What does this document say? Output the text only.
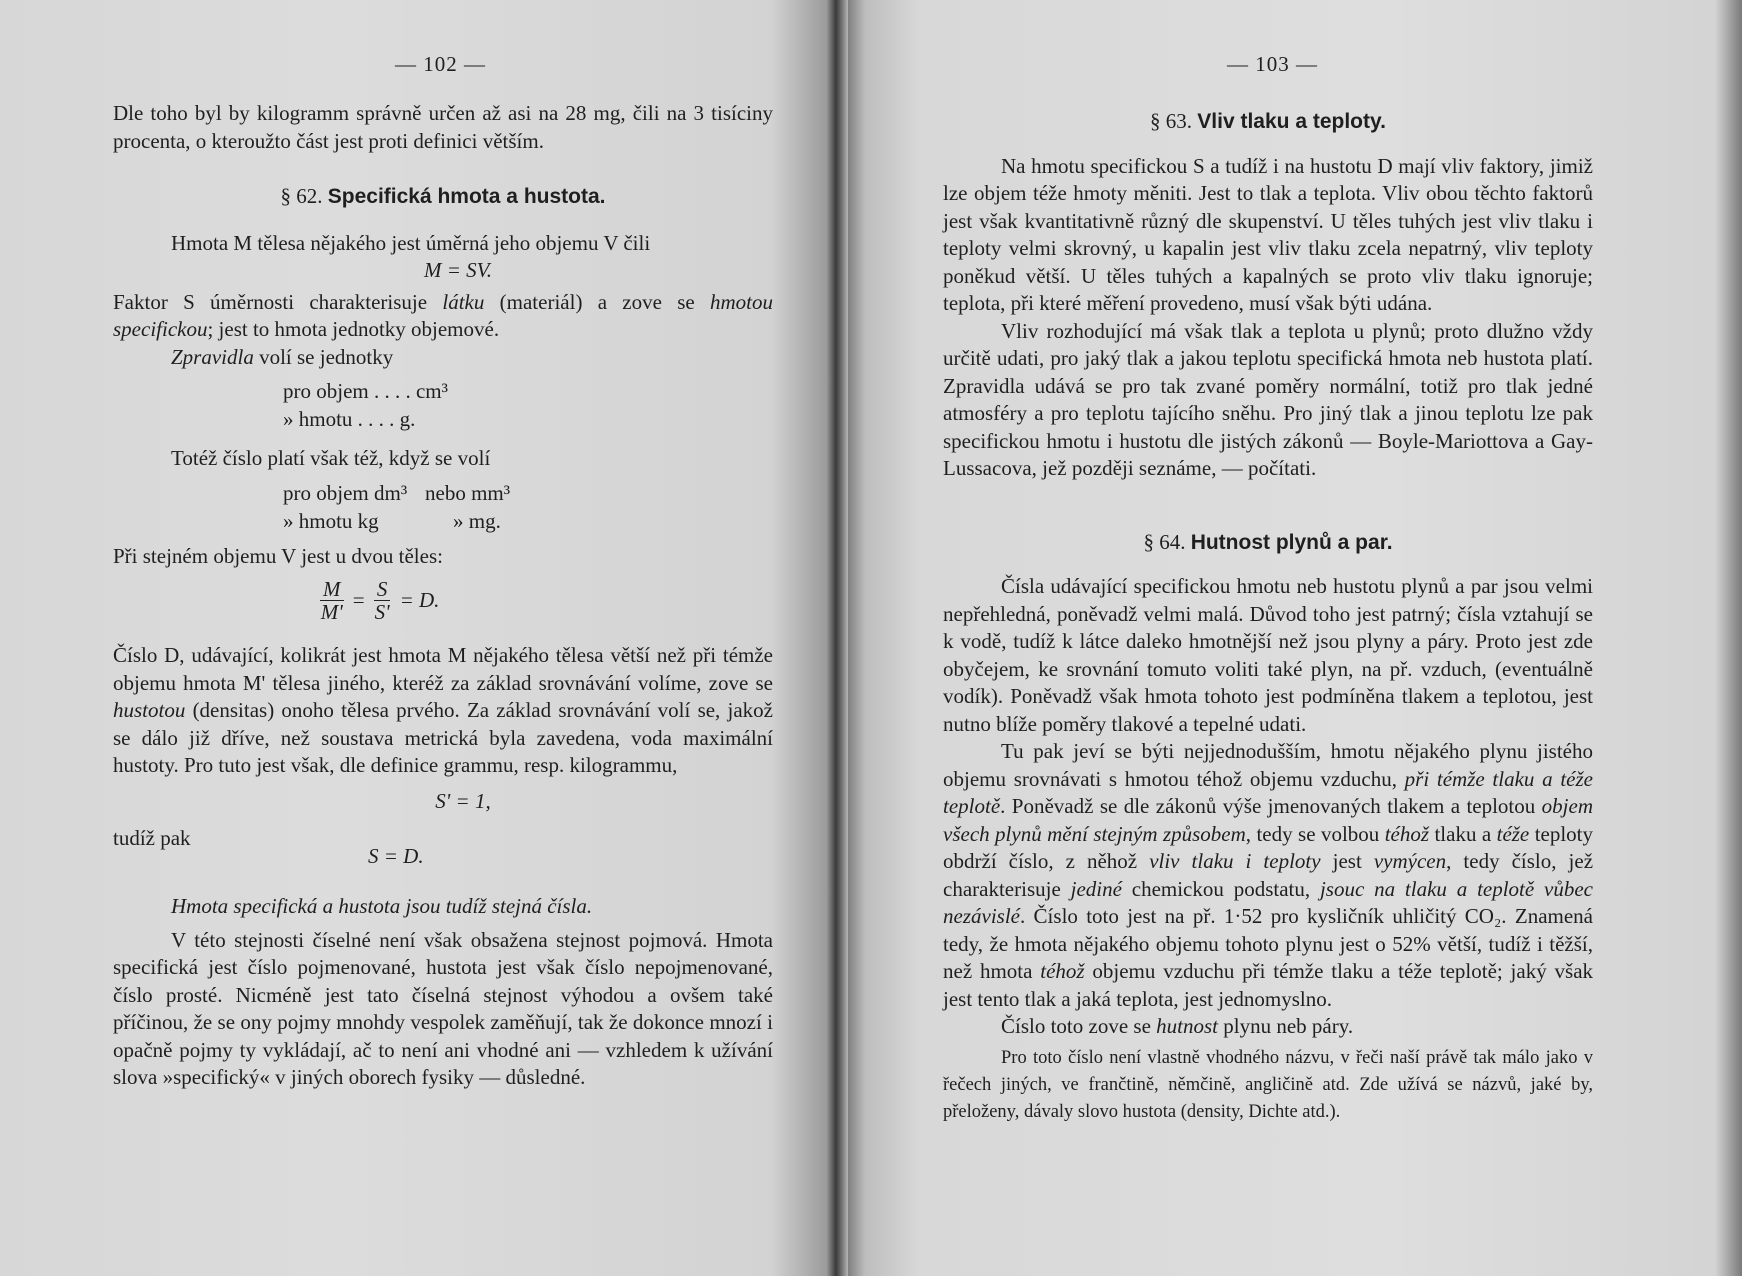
— 102 —

Dle toho byl by kilogramm správně určen až asi na 28 mg, čili na 3 tisíciny procenta, o kteroužto část jest proti definici větším.

§ 62. Specifická hmota a hustota.

Hmota M tělesa nějakého jest úměrná jeho objemu V čili

M = SV.

Faktor S úměrnosti charakterisuje látku (materiál) a zove se hmotou specifickou; jest to hmota jednotky objemové.

Zpravidla volí se jednotky

pro objem . . . . cm³
» hmotu . . . . g.

Totéž číslo platí však též, když se volí

pro objem dm³ nebo mm³
» hmotu kg	» mg.

Při stejném objemu V jest u dvou těles:

$\frac{M}{M'} = \frac{S}{S'} = D$.

Číslo D, udávající, kolikrát jest hmota M nějakého tělesa větší než při témže objemu hmota M' tělesa jiného, kteréž za základ srovnávání volíme, zove se hustotou (densitas) onoho tělesa prvého. Za základ srovnávání volí se, jakož se dálo již dříve, než soustava metrická byla zavedena, voda maximální hustoty. Pro tuto jest však, dle definice grammu, resp. kilogrammu,

S' = 1,

tudíž pak
S = D.

Hmota specifická a hustota jsou tudíž stejná čísla.

V této stejnosti číselné není však obsažena stejnost pojmová. Hmota specifická jest číslo pojmenované, hustota jest však číslo nepojmenované, číslo prosté. Nicméně jest tato číselná stejnost výhodou a ovšem také příčinou, že se ony pojmy mnohdy vespolek zaměňují, tak že dokonce mnozí i opačně pojmy ty vykládají, ač to není ani vhodné ani — vzhledem k užívání slova »specifický« v jiných oborech fysiky — důsledné.

— 103 —

§ 63. Vliv tlaku a teploty.

Na hmotu specifickou S a tudíž i na hustotu D mají vliv faktory, jimiž lze objem téže hmoty měniti. Jest to tlak a teplota. Vliv obou těchto faktorů jest však kvantitativně různý dle skupenství. U těles tuhých jest vliv tlaku i teploty velmi skrovný, u kapalin jest vliv tlaku zcela nepatrný, vliv teploty poněkud větší. U těles tuhých a kapalných se proto vliv tlaku ignoruje; teplota, při které měření provedeno, musí však býti udána.

Vliv rozhodující má však tlak a teplota u plynů; proto dlužno vždy určitě udati, pro jaký tlak a jakou teplotu specifická hmota neb hustota platí. Zpravidla udává se pro tak zvané poměry normální, totiž pro tlak jedné atmosféry a pro teplotu tajícího sněhu. Pro jiný tlak a jinou teplotu lze pak specifickou hmotu i hustotu dle jistých zákonů — Boyle-Mariottova a Gay-Lussacova, jež později seznáme, — počítati.

§ 64. Hutnost plynů a par.

Čísla udávající specifickou hmotu neb hustotu plynů a par jsou velmi nepřehledná, poněvadž velmi malá. Důvod toho jest patrný; čísla vztahují se k vodě, tudíž k látce daleko hmotnější než jsou plyny a páry. Proto jest zde obyčejem, ke srovnání tomuto voliti také plyn, na př. vzduch, (eventuálně vodík). Poněvadž však hmota tohoto jest podmíněna tlakem a teplotou, jest nutno blíže poměry tlakové a tepelné udati.

Tu pak jeví se býti nejjednodušším, hmotu nějakého plynu jistého objemu srovnávati s hmotou téhož objemu vzduchu, při témže tlaku a téže teplotě. Poněvadž se dle zákonů výše jmenovaných tlakem a teplotou objem všech plynů mění stejným způsobem, tedy se volbou téhož tlaku a téže teploty obdrží číslo, z něhož vliv tlaku i teploty jest vymýcen, tedy číslo, jež charakterisuje jediné chemickou podstatu, jsouc na tlaku a teplotě vůbec nezávislé. Číslo toto jest na př. 1·52 pro kysličník uhličitý CO₂. Znamená tedy, že hmota nějakého objemu tohoto plynu jest o 52% větší, tudíž i těžší, než hmota téhož objemu vzduchu při témže tlaku a téže teplotě; jaký však jest tento tlak a jaká teplota, jest jednomyslno.

Číslo toto zove se hutnost plynu neb páry.

Pro toto číslo není vlastně vhodného názvu, v řeči naší právě tak málo jako v řečech jiných, ve frančtině, němčině, angličině atd. Zde užívá se názvů, jaké by, přeloženy, dávaly slovo hustota (density, Dichte atd.).
